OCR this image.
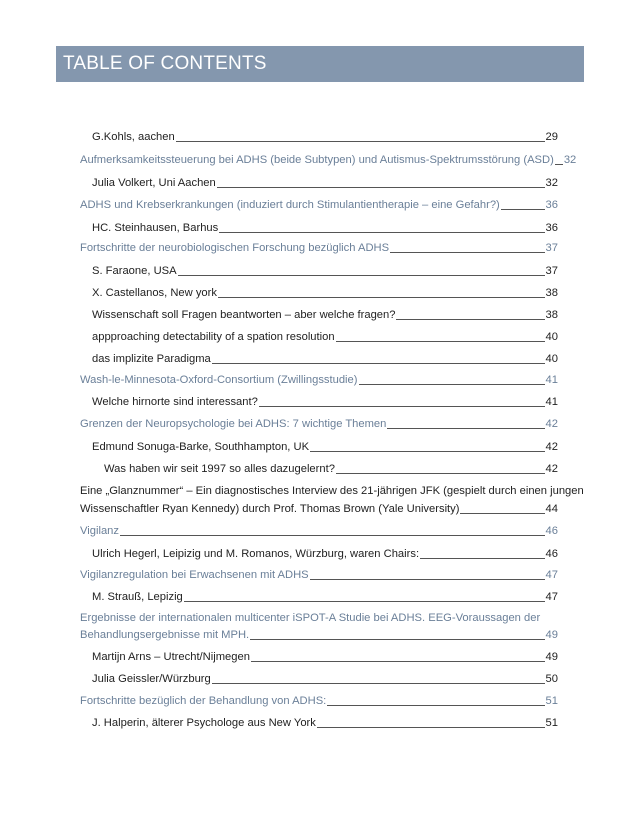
TABLE OF CONTENTS
G.Kohls, aachen	29
Aufmerksamkeitssteuerung bei ADHS (beide Subtypen) und Autismus-Spektrumsstörung (ASD) 32
Julia Volkert, Uni Aachen	32
ADHS und Krebserkrankungen (induziert durch Stimulantientherapie – eine Gefahr?)	36
HC. Steinhausen, Barhus	36
Fortschritte der neurobiologischen Forschung bezüglich ADHS	37
S. Faraone, USA	37
X. Castellanos, New york	38
Wissenschaft soll Fragen beantworten – aber welche fragen?	38
appproaching detectability of a spation resolution	40
das implizite Paradigma	40
Wash-le-Minnesota-Oxford-Consortium (Zwillingsstudie)	41
Welche hirnorte sind interessant?	41
Grenzen der Neuropsychologie bei ADHS: 7 wichtige Themen	42
Edmund Sonuga-Barke, Southhampton, UK	42
Was haben wir seit 1997 so alles dazugelernt?	42
Eine „Glanznummer“ – Ein diagnostisches Interview des 21-jährigen JFK (gespielt durch einen jungen
Wissenschaftler Ryan Kennedy) durch Prof. Thomas Brown (Yale University)	44
Vigilanz	46
Ulrich Hegerl, Leipizig und M. Romanos, Würzburg, waren Chairs:	46
Vigilanzregulation bei Erwachsenen mit ADHS	47
M. Strauß, Lepizig	47
Ergebnisse der internationalen multicenter iSPOT-A Studie bei ADHS. EEG-Voraussagen der
Behandlungsergebnisse mit MPH.	49
Martijn Arns – Utrecht/Nijmegen	49
Julia Geissler/Würzburg	50
Fortschritte bezüglich der Behandlung von ADHS:	51
J. Halperin, älterer Psychologe aus New York	51
